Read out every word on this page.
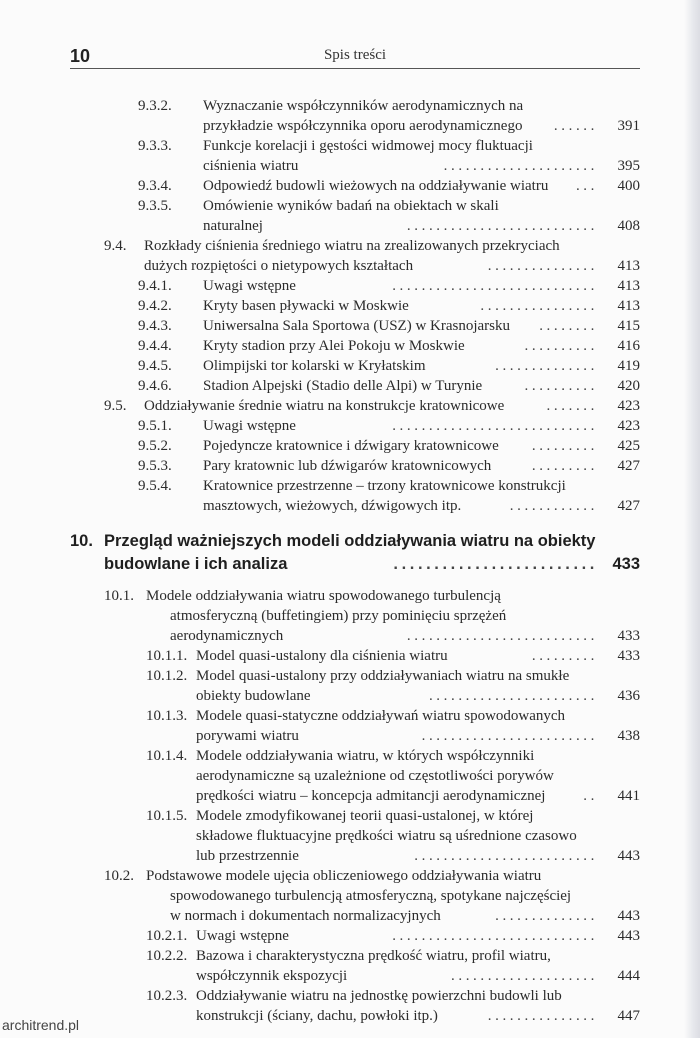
10	Spis treści
9.3.2. Wyznaczanie współczynników aerodynamicznych na
przykładzie współczynnika oporu aerodynamicznego	...... 391
9.3.3. Funkcje korelacji i gęstości widmowej mocy fluktuacji
ciśnienia wiatru	..................... 395
9.3.4. Odpowiedź budowli wieżowych na oddziaływanie wiatru	... 400
9.3.5. Omówienie wyników badań na obiektach w skali
naturalnej	.......................... 408
9.4. Rozkłady ciśnienia średniego wiatru na zrealizowanych przekryciach
dużych rozpiętości o nietypowych kształtach	............... 413
9.4.1. Uwagi wstępne	............................ 413
9.4.2. Kryty basen pływacki w Moskwie	................ 413
9.4.3. Uniwersalna Sala Sportowa (USZ) w Krasnojarsku	........ 415
9.4.4. Kryty stadion przy Alei Pokoju w Moskwie	.......... 416
9.4.5. Olimpijski tor kolarski w Kryłatskim	.............. 419
9.4.6. Stadion Alpejski (Stadio delle Alpi) w Turynie	.......... 420
9.5. Oddziaływanie średnie wiatru na konstrukcje kratownicowe	....... 423
9.5.1. Uwagi wstępne	............................ 423
9.5.2. Pojedyncze kratownice i dźwigary kratownicowe	......... 425
9.5.3. Pary kratownic lub dźwigarów kratownicowych	......... 427
9.5.4. Kratownice przestrzenne – trzony kratownicowe konstrukcji
masztowych, wieżowych, dźwigowych itp.	............ 427
10. Przegląd ważniejszych modeli oddziaływania wiatru na obiekty
budowlane i ich analiza	......................... 433
10.1. Modele oddziaływania wiatru spowodowanego turbulencją
atmosferyczną (buffetingiem) przy pominięciu sprzężeń
aerodynamicznych	.......................... 433
10.1.1. Model quasi-ustalony dla ciśnienia wiatru	......... 433
10.1.2. Model quasi-ustalony przy oddziaływaniach wiatru na smukłe
obiekty budowlane	....................... 436
10.1.3. Modele quasi-statyczne oddziaływań wiatru spowodowanych
porywami wiatru	........................ 438
10.1.4. Modele oddziaływania wiatru, w których współczynniki
aerodynamiczne są uzależnione od częstotliwości porywów
prędkości wiatru – koncepcja admitancji aerodynamicznej	.. 441
10.1.5. Modele zmodyfikowanej teorii quasi-ustalonej, w której
składowe fluktuacyjne prędkości wiatru są uśrednione czasowo
lub przestrzennie	......................... 443
10.2. Podstawowe modele ujęcia obliczeniowego oddziaływania wiatru
spowodowanego turbulencją atmosferyczną, spotykane najczęściej
w normach i dokumentach normalizacyjnych	.............. 443
10.2.1. Uwagi wstępne	............................ 443
10.2.2. Bazowa i charakterystyczna prędkość wiatru, profil wiatru,
współczynnik ekspozycji	.................... 444
10.2.3. Oddziaływanie wiatru na jednostkę powierzchni budowli lub
konstrukcji (ściany, dachu, powłoki itp.)	............... 447
architrend.pl
